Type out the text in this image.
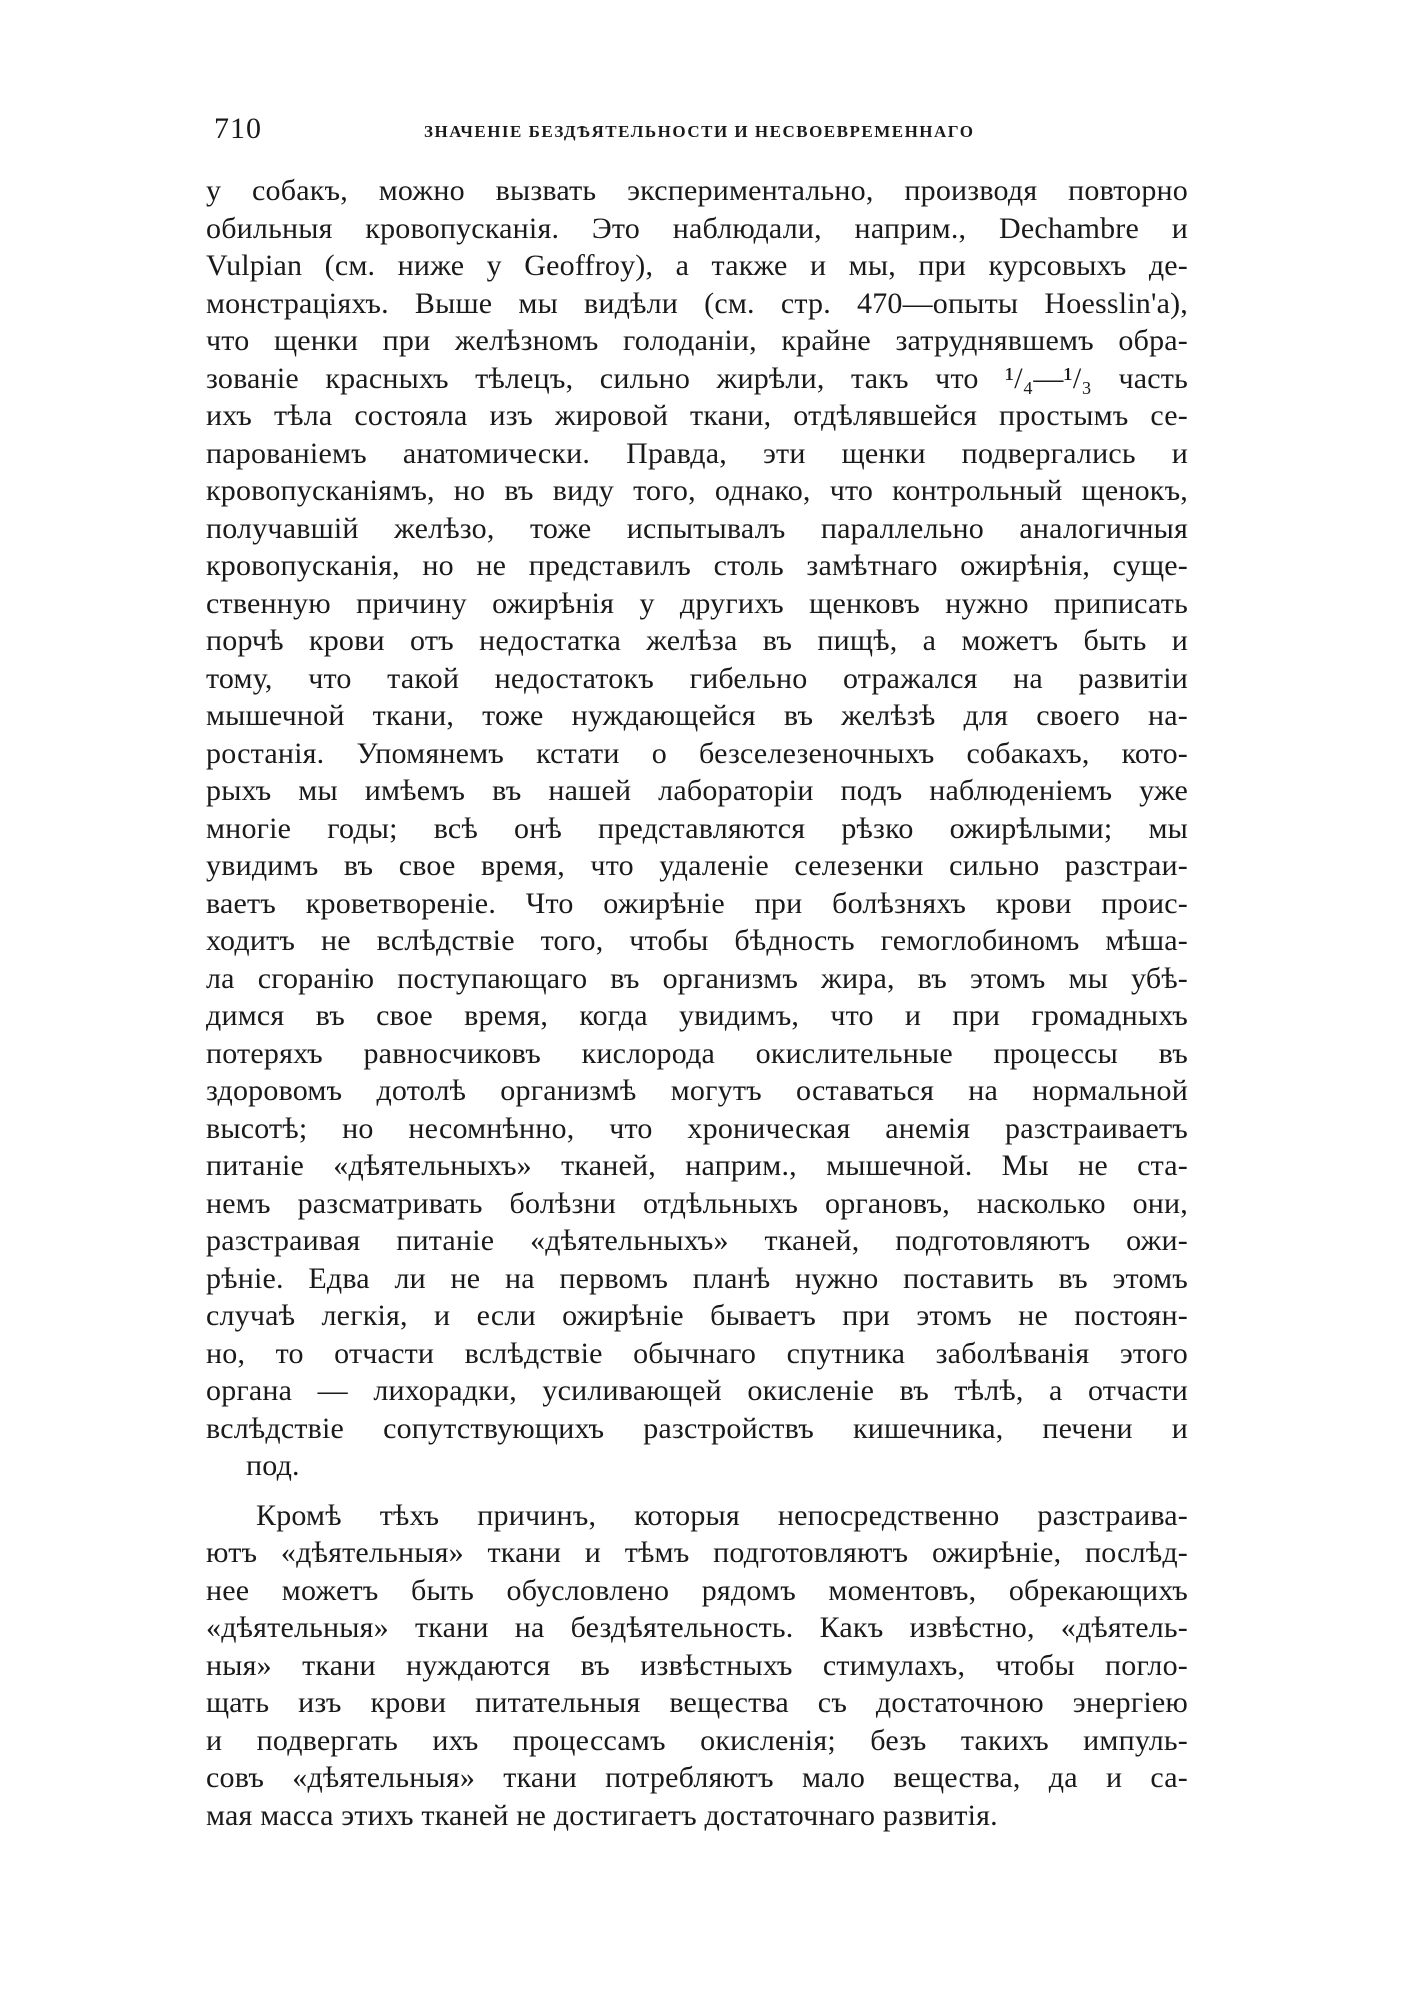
710	ЗНАЧЕНІЕ БЕЗДѢЯТЕЛЬНОСТИ И НЕСВОЕВРЕМЕННАГО
у собакъ, можно вызвать экспериментально, производя повторно
обильныя кровопусканія. Это наблюдали, наприм., Dechambre и
Vulpian (см. ниже у Geoffroy), а также и мы, при курсовыхъ де-
монстраціяхъ. Выше мы видѣли (см. стр. 470—опыты Hoesslin'a),
что щенки при желѣзномъ голоданіи, крайне затруднявшемъ обра-
зованіе красныхъ тѣлецъ, сильно жирѣли, такъ что ¹/₄—¹/₃ часть
ихъ тѣла состояла изъ жировой ткани, отдѣлявшейся простымъ се-
парованіемъ анатомически. Правда, эти щенки подвергались и
кровопусканіямъ, но въ виду того, однако, что контрольный щенокъ,
получавшій желѣзо, тоже испытывалъ параллельно аналогичныя
кровопусканія, но не представилъ столь замѣтнаго ожирѣнія, суще-
ственную причину ожирѣнія у другихъ щенковъ нужно приписать
порчѣ крови отъ недостатка желѣза въ пищѣ, а можетъ быть и
тому, что такой недостатокъ гибельно отражался на развитіи
мышечной ткани, тоже нуждающейся въ желѣзѣ для своего на-
ростанія. Упомянемъ кстати о безселезеночныхъ собакахъ, кото-
рыхъ мы имѣемъ въ нашей лабораторіи подъ наблюденіемъ уже
многіе годы; всѣ онѣ представляются рѣзко ожирѣлыми; мы
увидимъ въ свое время, что удаленіе селезенки сильно разстраи-
ваетъ кроветвореніе. Что ожирѣніе при болѣзняхъ крови проис-
ходитъ не вслѣдствіе того, чтобы бѣдность гемоглобиномъ мѣша-
ла сгоранію поступающаго въ организмъ жира, въ этомъ мы убѣ-
димся въ свое время, когда увидимъ, что и при громадныхъ
потеряхъ равносчиковъ кислорода окислительные процессы въ
здоровомъ дотолѣ организмѣ могутъ оставаться на нормальной
высотѣ; но несомнѣнно, что хроническая анемія разстраиваетъ
питаніе «дѣятельныхъ» тканей, наприм., мышечной. Мы не ста-
немъ разсматривать болѣзни отдѣльныхъ органовъ, насколько они,
разстраивая питаніе «дѣятельныхъ» тканей, подготовляютъ ожи-
рѣніе. Едва ли не на первомъ планѣ нужно поставить въ этомъ
случаѣ легкія, и если ожирѣніе бываетъ при этомъ не постоян-
но, то отчасти вслѣдствіе обычнаго спутника заболѣванія этого
органа — лихорадки, усиливающей окисленіе въ тѣлѣ, а отчасти
вслѣдствіе сопутствующихъ разстройствъ кишечника, печени и
под.
Кромѣ тѣхъ причинъ, которыя непосредственно разстраива-
ютъ «дѣятельныя» ткани и тѣмъ подготовляютъ ожирѣніе, послѣд-
нее можетъ быть обусловлено рядомъ моментовъ, обрекающихъ
«дѣятельныя» ткани на бездѣятельность. Какъ извѣстно, «дѣятель-
ныя» ткани нуждаются въ извѣстныхъ стимулахъ, чтобы погло-
щать изъ крови питательныя вещества съ достаточною энергіею
и подвергать ихъ процессамъ окисленія; безъ такихъ импуль-
совъ «дѣятельныя» ткани потребляютъ мало вещества, да и са-
мая масса этихъ тканей не достигаетъ достаточнаго развитія.
